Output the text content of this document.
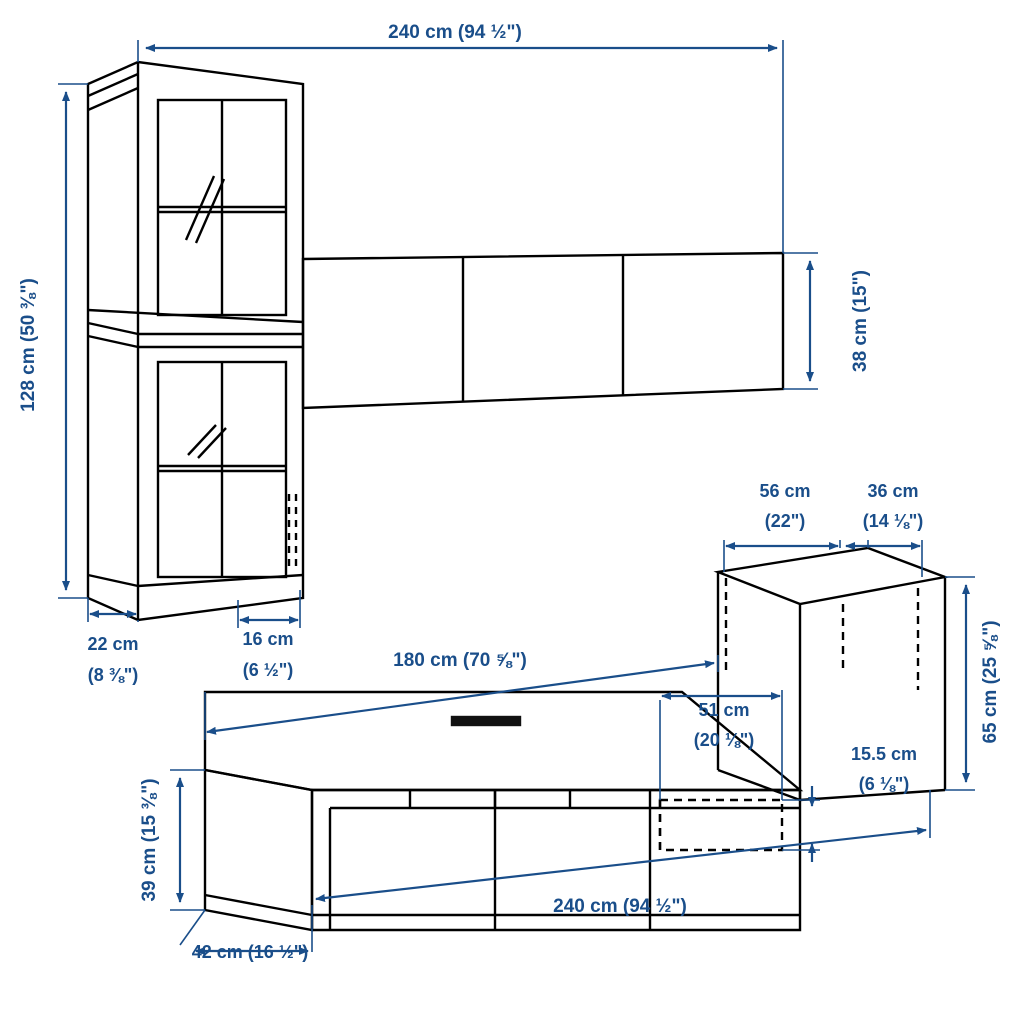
240 cm (94 ½")
128 cm (50 ⅜")
22 cm
(8 ⅜")
16 cm
(6 ½")
38 cm (15")
56 cm
(22")
36 cm
(14 ⅛")
65 cm (25 ⅝")
180 cm (70 ⅝")
39 cm (15 ⅜")
42 cm (16 ½")
240 cm (94 ½")
51 cm
(20 ⅛")
15.5 cm
(6 ⅛")
